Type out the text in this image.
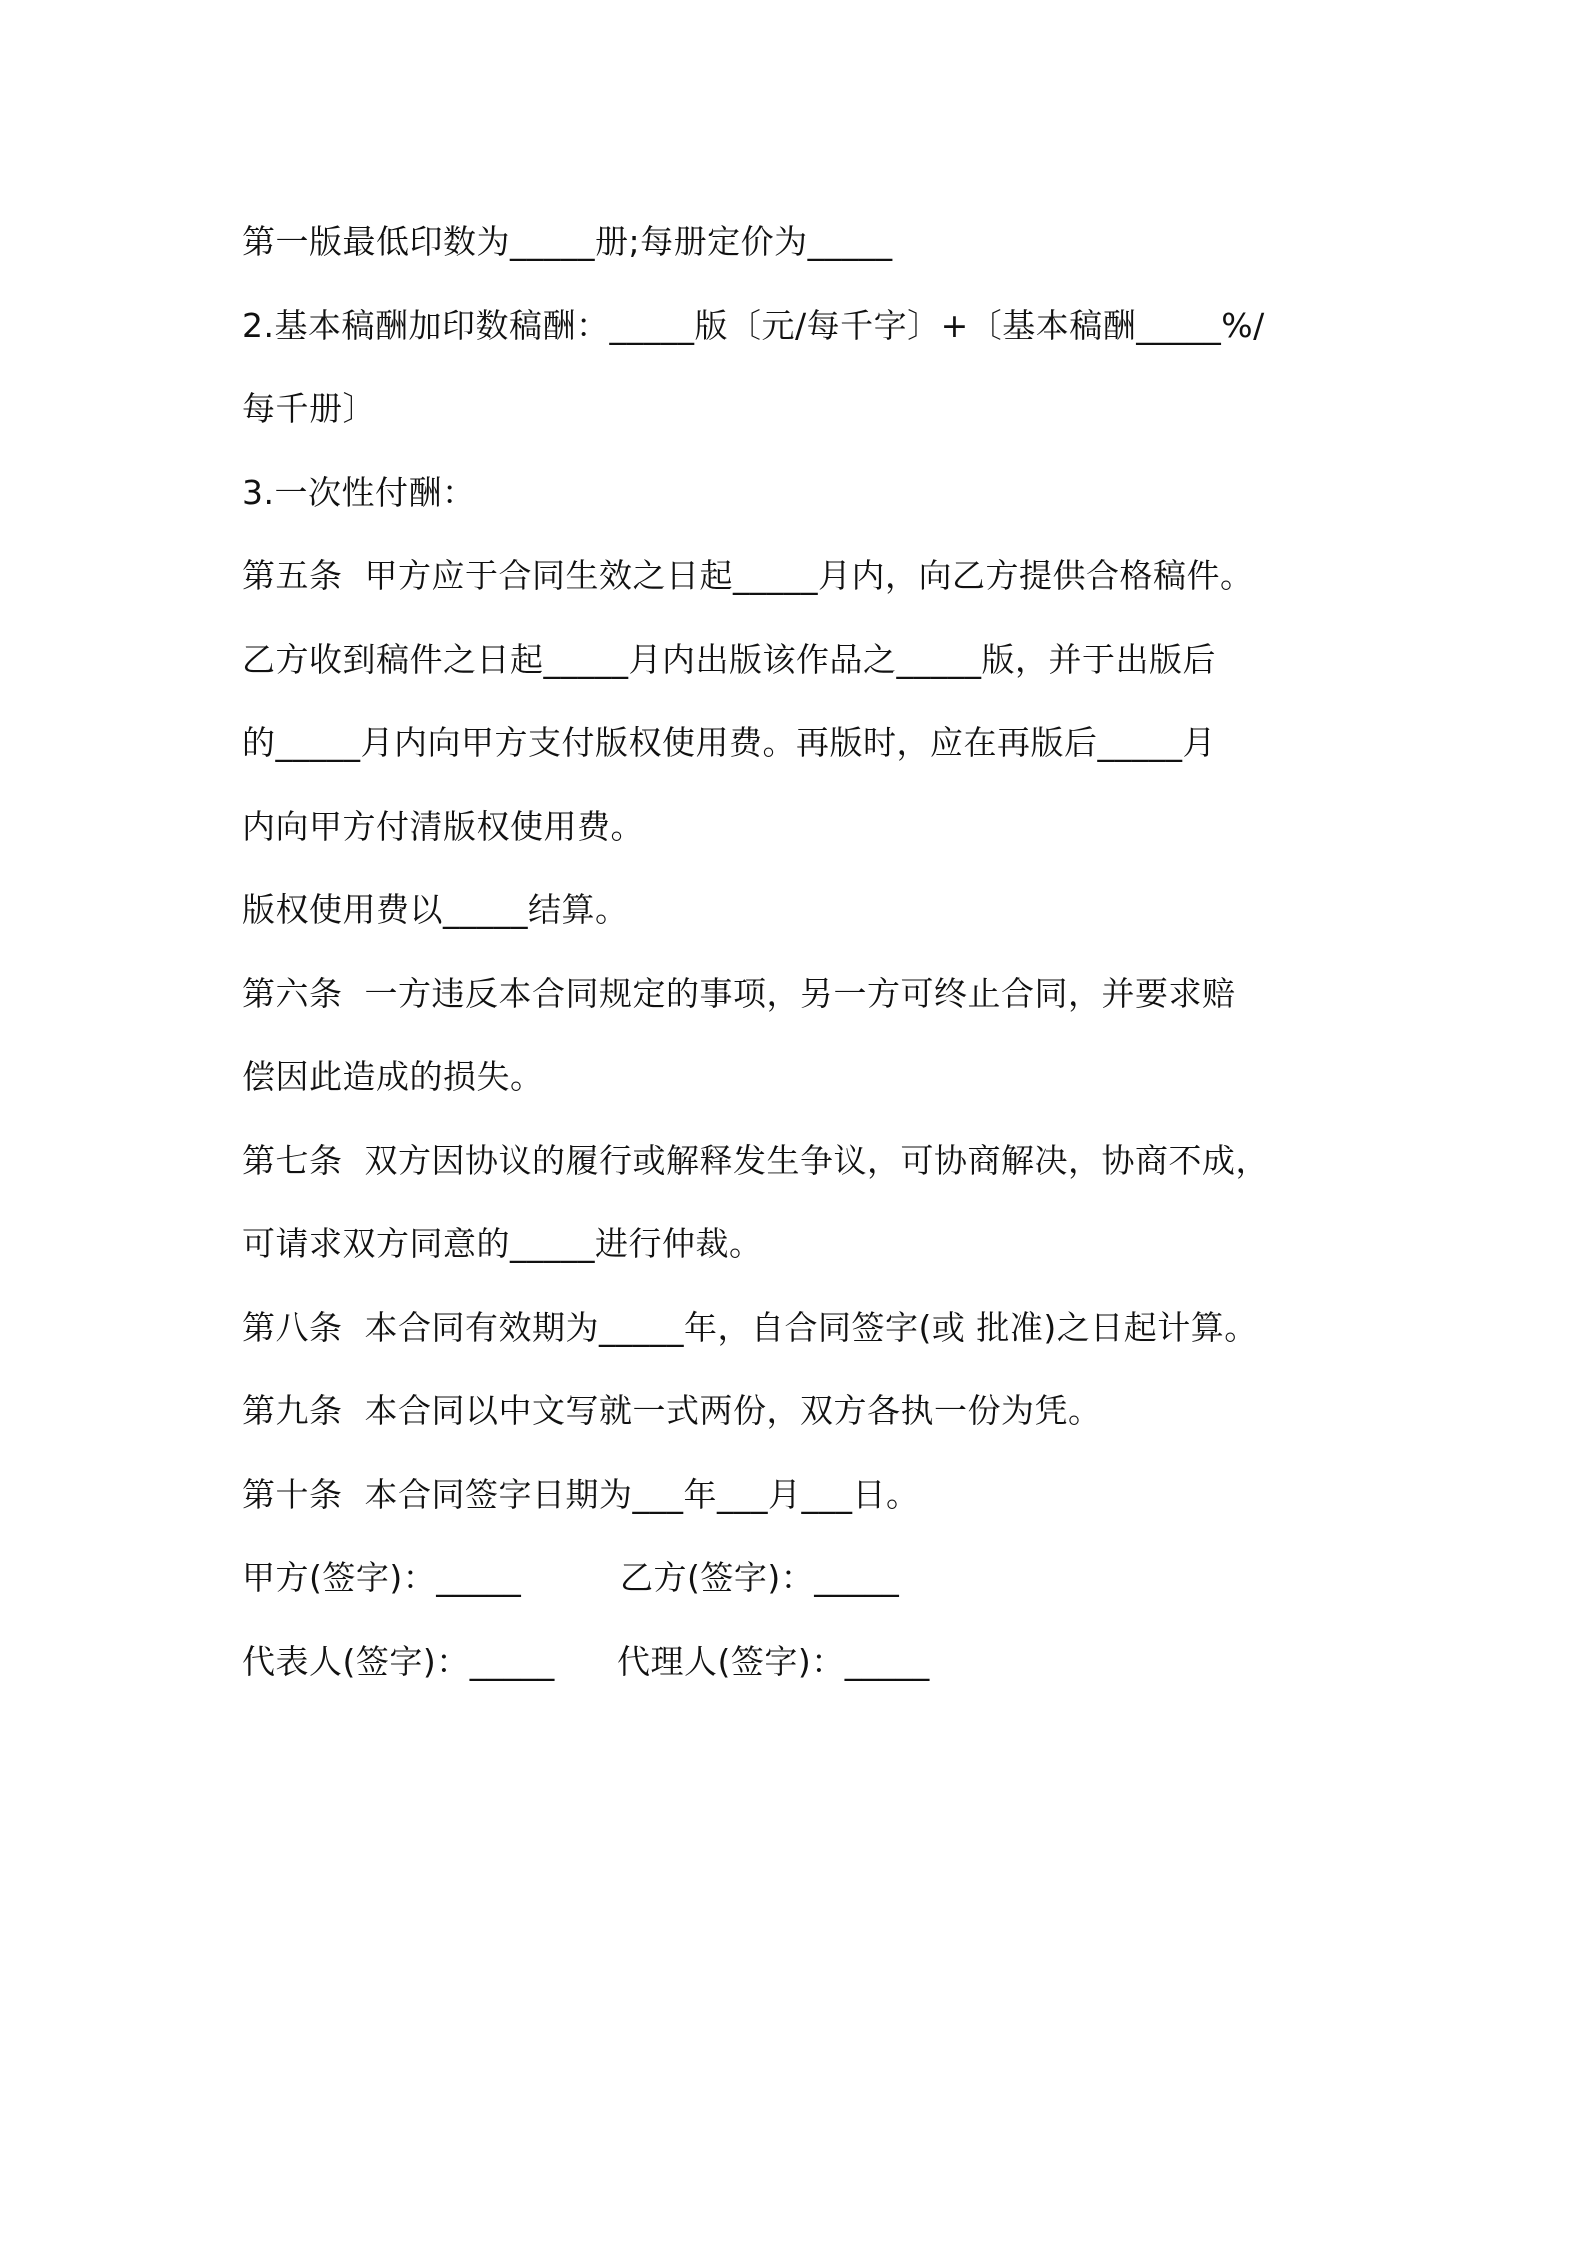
第一版最低印数为_____册;每册定价为_____
2.基本稿酬加印数稿酬：_____版〔元/每千字〕+〔基本稿酬_____%/
每千册〕
3.一次性付酬：
第五条  甲方应于合同生效之日起_____月内，向乙方提供合格稿件。
乙方收到稿件之日起_____月内出版该作品之_____版，并于出版后
的_____月内向甲方支付版权使用费。再版时，应在再版后_____月
内向甲方付清版权使用费。
版权使用费以_____结算。
第六条  一方违反本合同规定的事项，另一方可终止合同，并要求赔
偿因此造成的损失。
第七条  双方因协议的履行或解释发生争议，可协商解决，协商不成，
可请求双方同意的_____进行仲裁。
第八条  本合同有效期为_____年，自合同签字(或 批准)之日起计算。
第九条  本合同以中文写就一式两份，双方各执一份为凭。
第十条  本合同签字日期为___年___月___日。
甲方(签字)：_____	乙方(签字)：_____
代表人(签字)：_____	代理人(签字)：_____
